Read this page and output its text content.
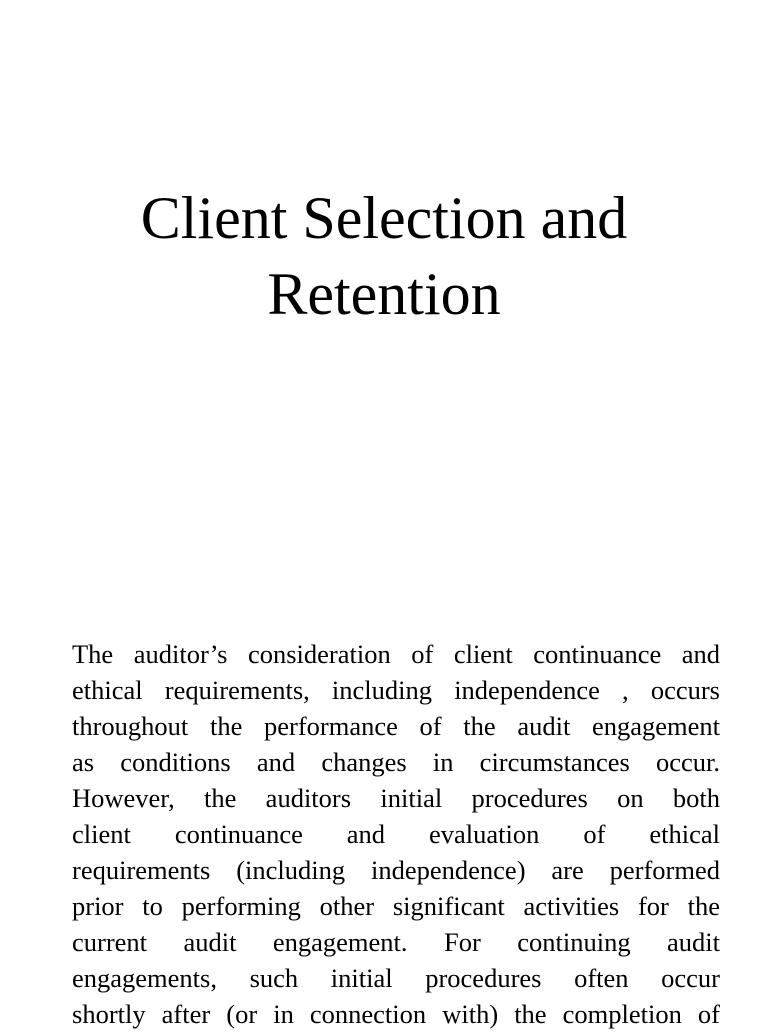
Client Selection and
Retention
The auditor’s consideration of client continuance and
ethical requirements, including independence , occurs
throughout the performance of the audit engagement
as conditions and changes in circumstances occur.
However, the auditors initial procedures on both
client continuance and evaluation of ethical
requirements (including independence) are performed
prior to performing other significant activities for the
current audit engagement. For continuing audit
engagements, such initial procedures often occur
shortly after (or in connection with) the completion of
